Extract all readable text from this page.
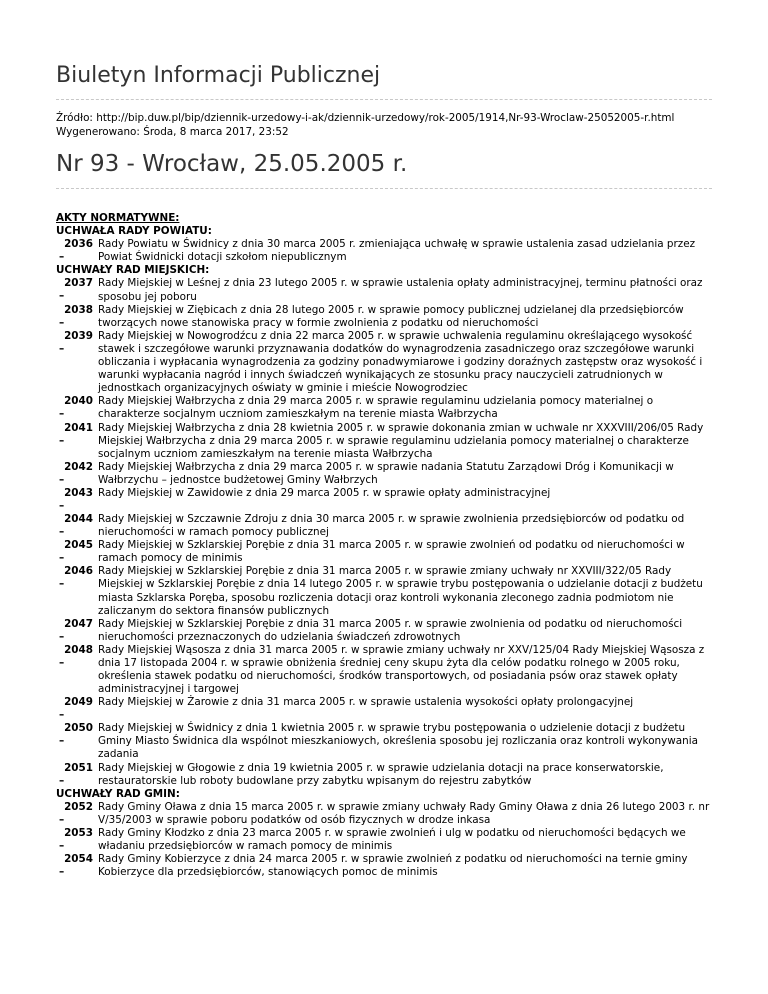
Biuletyn Informacji Publicznej
Źródło: http://bip.duw.pl/bip/dziennik-urzedowy-i-ak/dziennik-urzedowy/rok-2005/1914,Nr-93-Wroclaw-25052005-r.html
Wygenerowano: Środa, 8 marca 2017, 23:52
Nr 93 - Wrocław, 25.05.2005 r.
AKTY NORMATYWNE:
UCHWAŁA RADY POWIATU:
2036
–
Rady Powiatu w Świdnicy z dnia 30 marca 2005 r. zmieniająca uchwałę w sprawie ustalenia zasad udzielania przez Powiat Świdnicki dotacji szkołom niepublicznym
UCHWAŁY RAD MIEJSKICH:
2037
–
Rady Miejskiej w Leśnej z dnia 23 lutego 2005 r. w sprawie ustalenia opłaty administracyjnej, terminu płatności oraz sposobu jej poboru
2038
–
Rady Miejskiej w Ziębicach z dnia 28 lutego 2005 r. w sprawie pomocy publicznej udzielanej dla przedsiębiorców tworzących nowe stanowiska pracy w formie zwolnienia z podatku od nieruchomości
2039
–
Rady Miejskiej w Nowogrodźcu z dnia 22 marca 2005 r. w sprawie uchwalenia regulaminu określającego wysokość stawek i szczegółowe warunki przyznawania dodatków do wynagrodzenia zasadniczego oraz szczegółowe warunki obliczania i wypłacania wynagrodzenia za godziny ponadwymiarowe i godziny doraźnych zastępstw oraz wysokość i warunki wypłacania nagród i innych świadczeń wynikających ze stosunku pracy nauczycieli zatrudnionych w jednostkach organizacyjnych oświaty w gminie i mieście Nowogrodziec
2040
–
Rady Miejskiej Wałbrzycha z dnia 29 marca 2005 r. w sprawie regulaminu udzielania pomocy materialnej o charakterze socjalnym uczniom zamieszkałym na terenie miasta Wałbrzycha
2041
–
Rady Miejskiej Wałbrzycha z dnia 28 kwietnia 2005 r. w sprawie dokonania zmian w uchwale nr XXXVIII/206/05 Rady Miejskiej Wałbrzycha z dnia 29 marca 2005 r. w sprawie regulaminu udzielania pomocy materialnej o charakterze socjalnym uczniom zamieszkałym na terenie miasta Wałbrzycha
2042
–
Rady Miejskiej Wałbrzycha z dnia 29 marca 2005 r. w sprawie nadania Statutu Zarządowi Dróg i Komunikacji w Wałbrzychu – jednostce budżetowej Gminy Wałbrzych
2043
–
Rady Miejskiej w Zawidowie z dnia 29 marca 2005 r. w sprawie opłaty administracyjnej
2044
–
Rady Miejskiej w Szczawnie Zdroju z dnia 30 marca 2005 r. w sprawie zwolnienia przedsiębiorców od podatku od nieruchomości w ramach pomocy publicznej
2045
–
Rady Miejskiej w Szklarskiej Porębie z dnia 31 marca 2005 r. w sprawie zwolnień od podatku od nieruchomości w ramach pomocy de minimis
2046
–
Rady Miejskiej w Szklarskiej Porębie z dnia 31 marca 2005 r. w sprawie zmiany uchwały nr XXVIII/322/05 Rady Miejskiej w Szklarskiej Porębie z dnia 14 lutego 2005 r. w sprawie trybu postępowania o udzielanie dotacji z budżetu miasta Szklarska Poręba, sposobu rozliczenia dotacji oraz kontroli wykonania zleconego zadnia podmiotom nie zaliczanym do sektora finansów publicznych
2047
–
Rady Miejskiej w Szklarskiej Porębie z dnia 31 marca 2005 r. w sprawie zwolnienia od podatku od nieruchomości nieruchomości przeznaczonych do udzielania świadczeń zdrowotnych
2048
–
Rady Miejskiej Wąsosza z dnia 31 marca 2005 r. w sprawie zmiany uchwały nr XXV/125/04 Rady Miejskiej Wąsosza z dnia 17 listopada 2004 r. w sprawie obniżenia średniej ceny skupu żyta dla celów podatku rolnego w 2005 roku, określenia stawek podatku od nieruchomości, środków transportowych, od posiadania psów oraz stawek opłaty administracyjnej i targowej
2049
–
Rady Miejskiej w Żarowie z dnia 31 marca 2005 r. w sprawie ustalenia wysokości opłaty prolongacyjnej
2050
–
Rady Miejskiej w Świdnicy z dnia 1 kwietnia 2005 r. w sprawie trybu postępowania o udzielenie dotacji z budżetu Gminy Miasto Świdnica dla wspólnot mieszkaniowych, określenia sposobu jej rozliczania oraz kontroli wykonywania zadania
2051
–
Rady Miejskiej w Głogowie z dnia 19 kwietnia 2005 r. w sprawie udzielania dotacji na prace konserwatorskie, restauratorskie lub roboty budowlane przy zabytku wpisanym do rejestru zabytków
UCHWAŁY RAD GMIN:
2052
–
Rady Gminy Oława z dnia 15 marca 2005 r. w sprawie zmiany uchwały Rady Gminy Oława z dnia 26 lutego 2003 r. nr V/35/2003 w sprawie poboru podatków od osób fizycznych w drodze inkasa
2053
–
Rady Gminy Kłodzko z dnia 23 marca 2005 r. w sprawie zwolnień i ulg w podatku od nieruchomości będących we władaniu przedsiębiorców w ramach pomocy de minimis
2054
–
Rady Gminy Kobierzyce z dnia 24 marca 2005 r. w sprawie zwolnień z podatku od nieruchomości na ternie gminy Kobierzyce dla przedsiębiorców, stanowiących pomoc de minimis
